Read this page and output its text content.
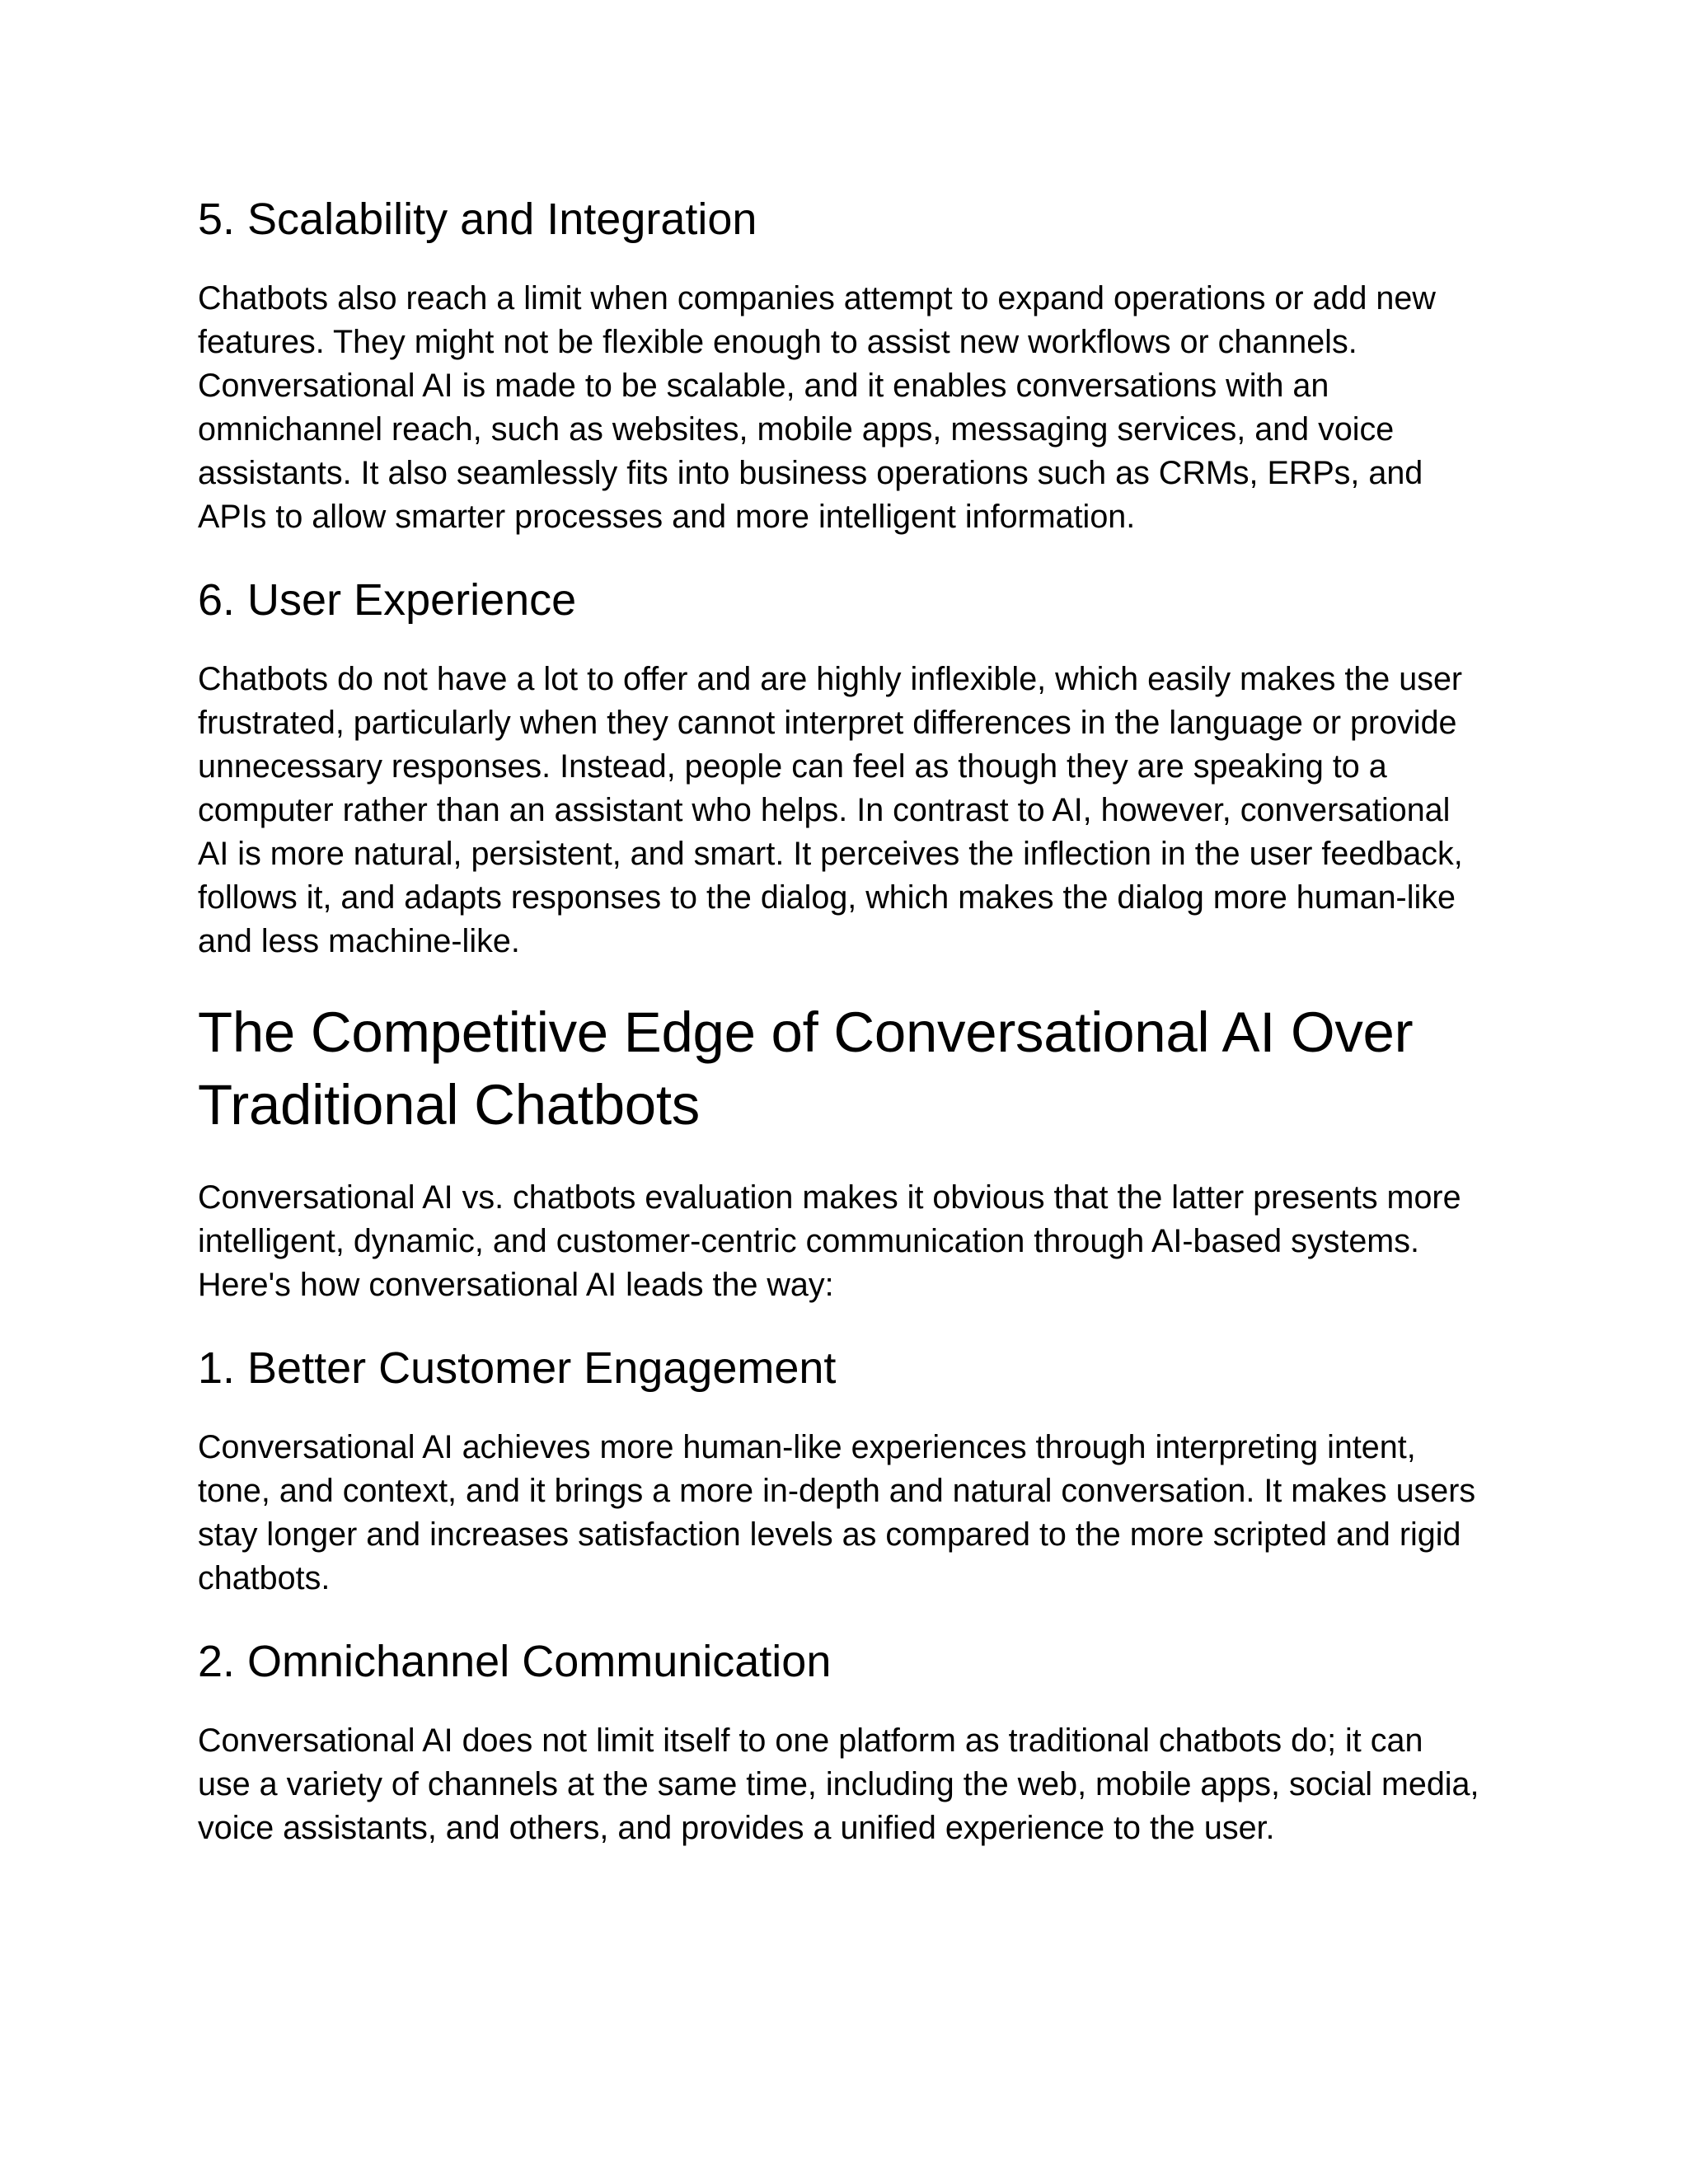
5. Scalability and Integration

Chatbots also reach a limit when companies attempt to expand operations or add new features. They might not be flexible enough to assist new workflows or channels. Conversational AI is made to be scalable, and it enables conversations with an omnichannel reach, such as websites, mobile apps, messaging services, and voice assistants. It also seamlessly fits into business operations such as CRMs, ERPs, and APIs to allow smarter processes and more intelligent information.

6. User Experience

Chatbots do not have a lot to offer and are highly inflexible, which easily makes the user frustrated, particularly when they cannot interpret differences in the language or provide unnecessary responses. Instead, people can feel as though they are speaking to a computer rather than an assistant who helps. In contrast to AI, however, conversational AI is more natural, persistent, and smart. It perceives the inflection in the user feedback, follows it, and adapts responses to the dialog, which makes the dialog more human-like and less machine-like.

The Competitive Edge of Conversational AI Over Traditional Chatbots

Conversational AI vs. chatbots evaluation makes it obvious that the latter presents more intelligent, dynamic, and customer-centric communication through AI-based systems. Here's how conversational AI leads the way:

1. Better Customer Engagement

Conversational AI achieves more human-like experiences through interpreting intent, tone, and context, and it brings a more in-depth and natural conversation. It makes users stay longer and increases satisfaction levels as compared to the more scripted and rigid chatbots.

2. Omnichannel Communication

Conversational AI does not limit itself to one platform as traditional chatbots do; it can use a variety of channels at the same time, including the web, mobile apps, social media, voice assistants, and others, and provides a unified experience to the user.
